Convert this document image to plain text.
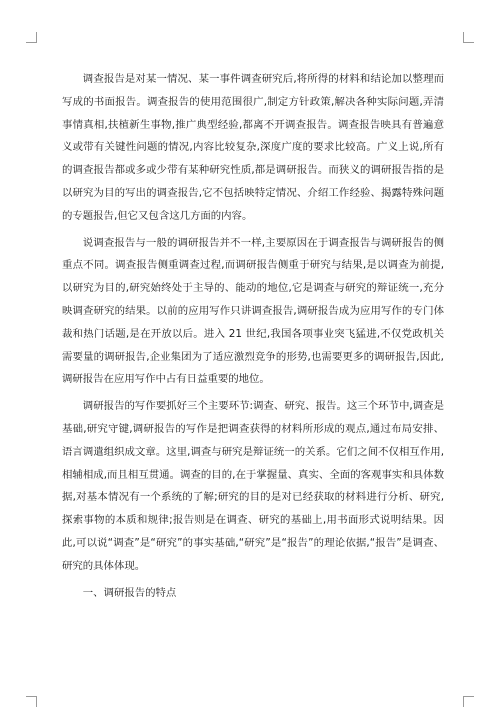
调查报告是对某一情况、某一事件调查研究后,将所得的材料和结论加以整理而写成的书面报告。调查报告的使用范围很广,制定方针政策,解决各种实际问题,弄清事情真相,扶植新生事物,推广典型经验,都离不开调查报告。调查报告映具有普遍意义或带有关键性问题的情况,内容比较复杂,深度广度的要求比较高。广义上说,所有的调查报告都或多或少带有某种研究性质,都是调研报告。而狭义的调研报告指的是以研究为目的写出的调查报告,它不包括映特定情况、介绍工作经验、揭露特殊问题的专题报告,但它又包含这几方面的内容。

说调查报告与一般的调研报告并不一样,主要原因在于调查报告与调研报告的侧重点不同。调查报告侧重调查过程,而调研报告侧重于研究与结果,是以调查为前提,以研究为目的,研究始终处于主导的、能动的地位,它是调查与研究的辩证统一,充分映调查研究的结果。以前的应用写作只讲调查报告,调研报告成为应用写作的专门体裁和热门话题,是在开放以后。进入 21 世纪,我国各项事业突飞猛进,不仅党政机关需要量的调研报告,企业集团为了适应激烈竞争的形势,也需要更多的调研报告,因此,调研报告在应用写作中占有日益重要的地位。

调研报告的写作要抓好三个主要环节:调查、研究、报告。这三个环节中,调查是基础,研究守键,调研报告的写作是把调查获得的材料所形成的观点,通过布局安排、语言调遣组织成文章。这里,调查与研究是辩证统一的关系。它们之间不仅相互作用,相辅相成,而且相互贯通。调查的目的,在于掌握量、真实、全面的客观事实和具体数据,对基本情况有一个系统的了解;研究的目的是对已经获取的材料进行分析、研究,探索事物的本质和规律;报告则是在调查、研究的基础上,用书面形式说明结果。因此,可以说“调查”是“研究”的事实基础,“研究”是“报告”的理论依据,“报告”是调查、研究的具体体现。

一、调研报告的特点
